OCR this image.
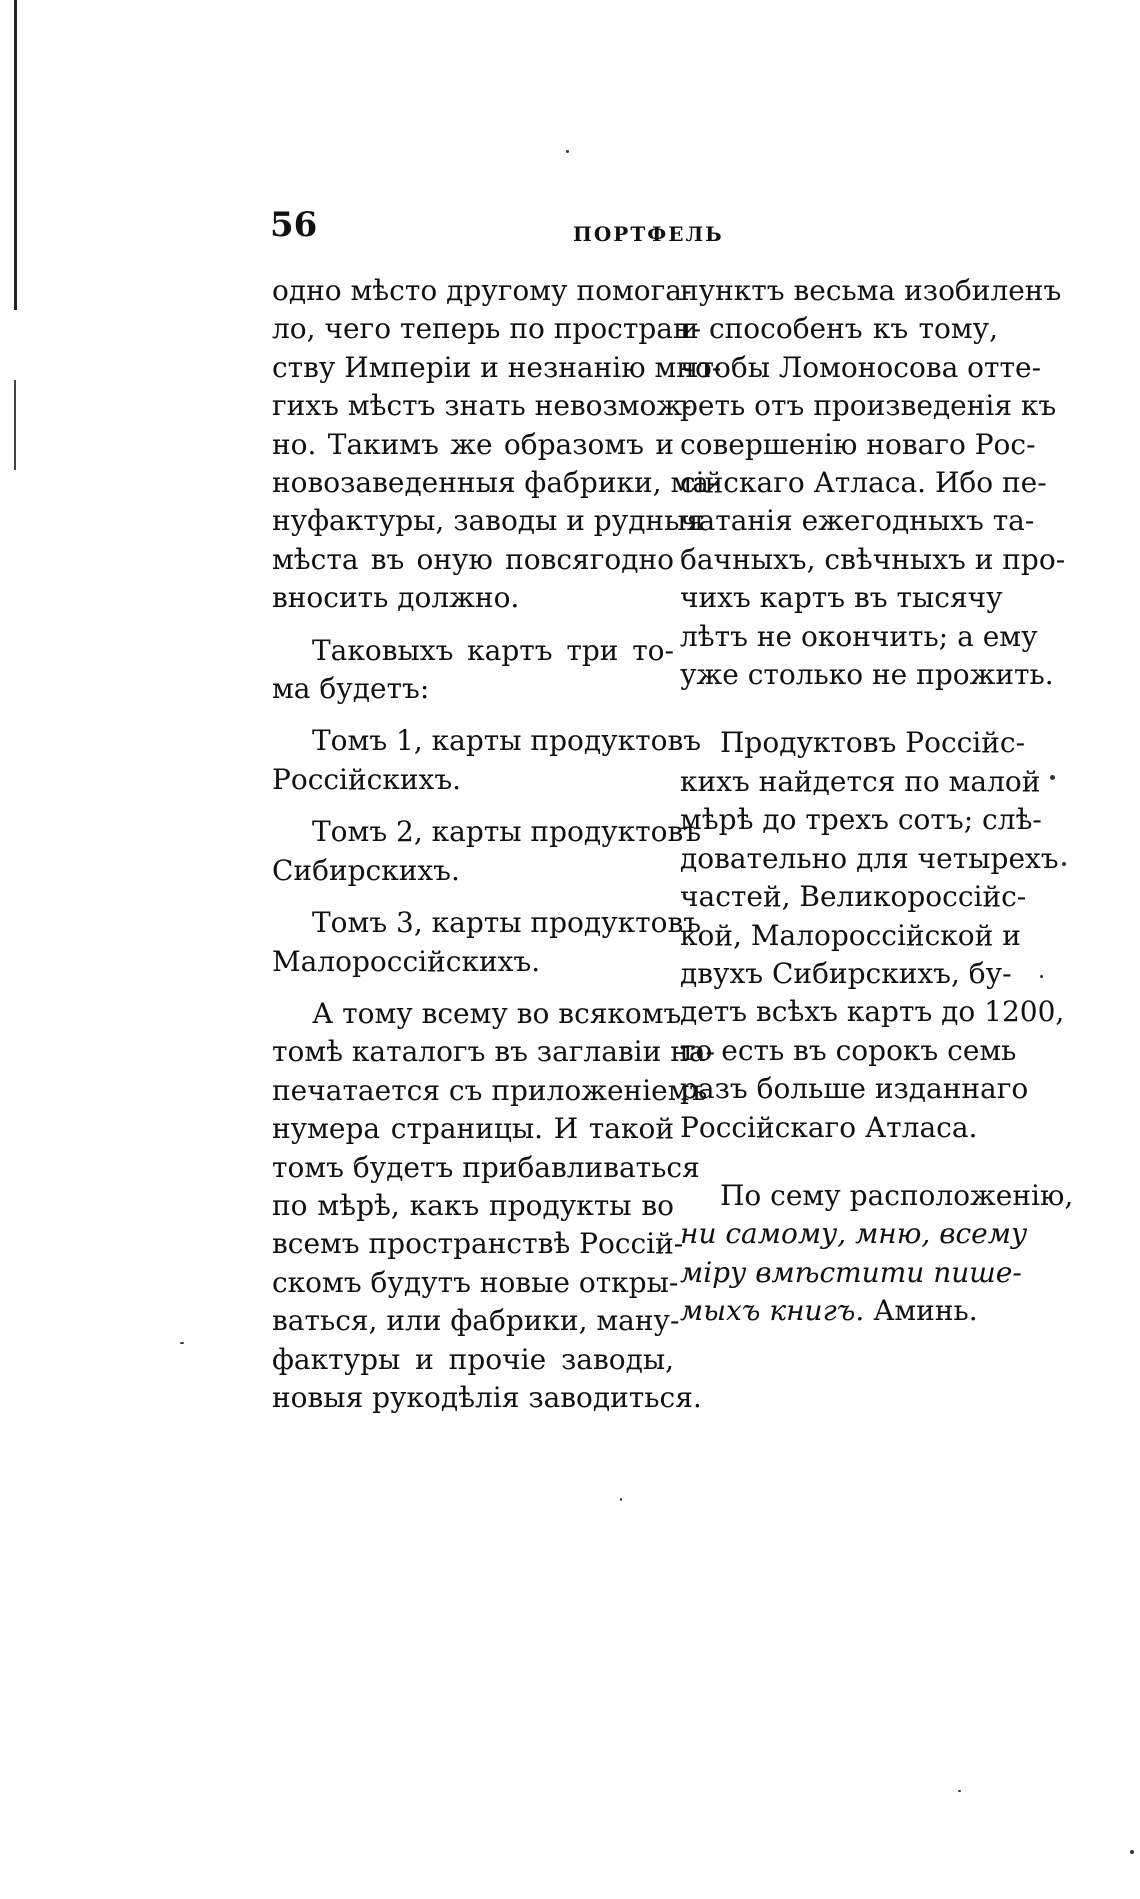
56	ПОРТФЕЛЬ
одно мѣсто другому помога-
ло, чего теперь по простран-
ству Имперіи и незнанію мно-
гихъ мѣстъ знать невозмож-
но. Такимъ же образомъ и
новозаведенныя фабрики, ма-
нуфактуры, заводы и рудныя
мѣста въ оную повсягодно
вносить должно.
Таковыхъ картъ три то-
ма будетъ:
Томъ 1, карты продуктовъ
Россійскихъ.
Томъ 2, карты продуктовъ
Сибирскихъ.
Томъ 3, карты продуктовъ
Малороссійскихъ.
А тому всему во всякомъ
томѣ каталогъ въ заглавіи на-
печатается съ приложеніемъ
нумера страницы. И такой
томъ будетъ прибавливаться
по мѣрѣ, какъ продукты во
всемъ пространствѣ Россій-
скомъ будутъ новые откры-
ваться, или фабрики, ману-
фактуры и прочіе заводы,
новыя рукодѣлія заводиться.
пунктъ весьма изобиленъ
и способенъ къ тому,
чтобы Ломоносова отте-
реть отъ произведенія къ
совершенію новаго Рос-
сійскаго Атласа. Ибо пе-
чатанія ежегодныхъ та-
бачныхъ, свѣчныхъ и про-
чихъ картъ въ тысячу
лѣтъ не окончить; а ему
уже столько не прожить.
Продуктовъ Россійс-
кихъ найдется по малой
мѣрѣ до трехъ сотъ; слѣ-
довательно для четырехъ
частей, Великороссійс-
кой, Малороссійской и
двухъ Сибирскихъ, бу-
детъ всѣхъ картъ до 1200,
то есть въ сорокъ семь
разъ больше изданнаго
Россійскаго Атласа.
По сему расположенію,
ни самому, мню, всему
міру вмѣстити пише-
мыхъ книгъ. Аминь.
